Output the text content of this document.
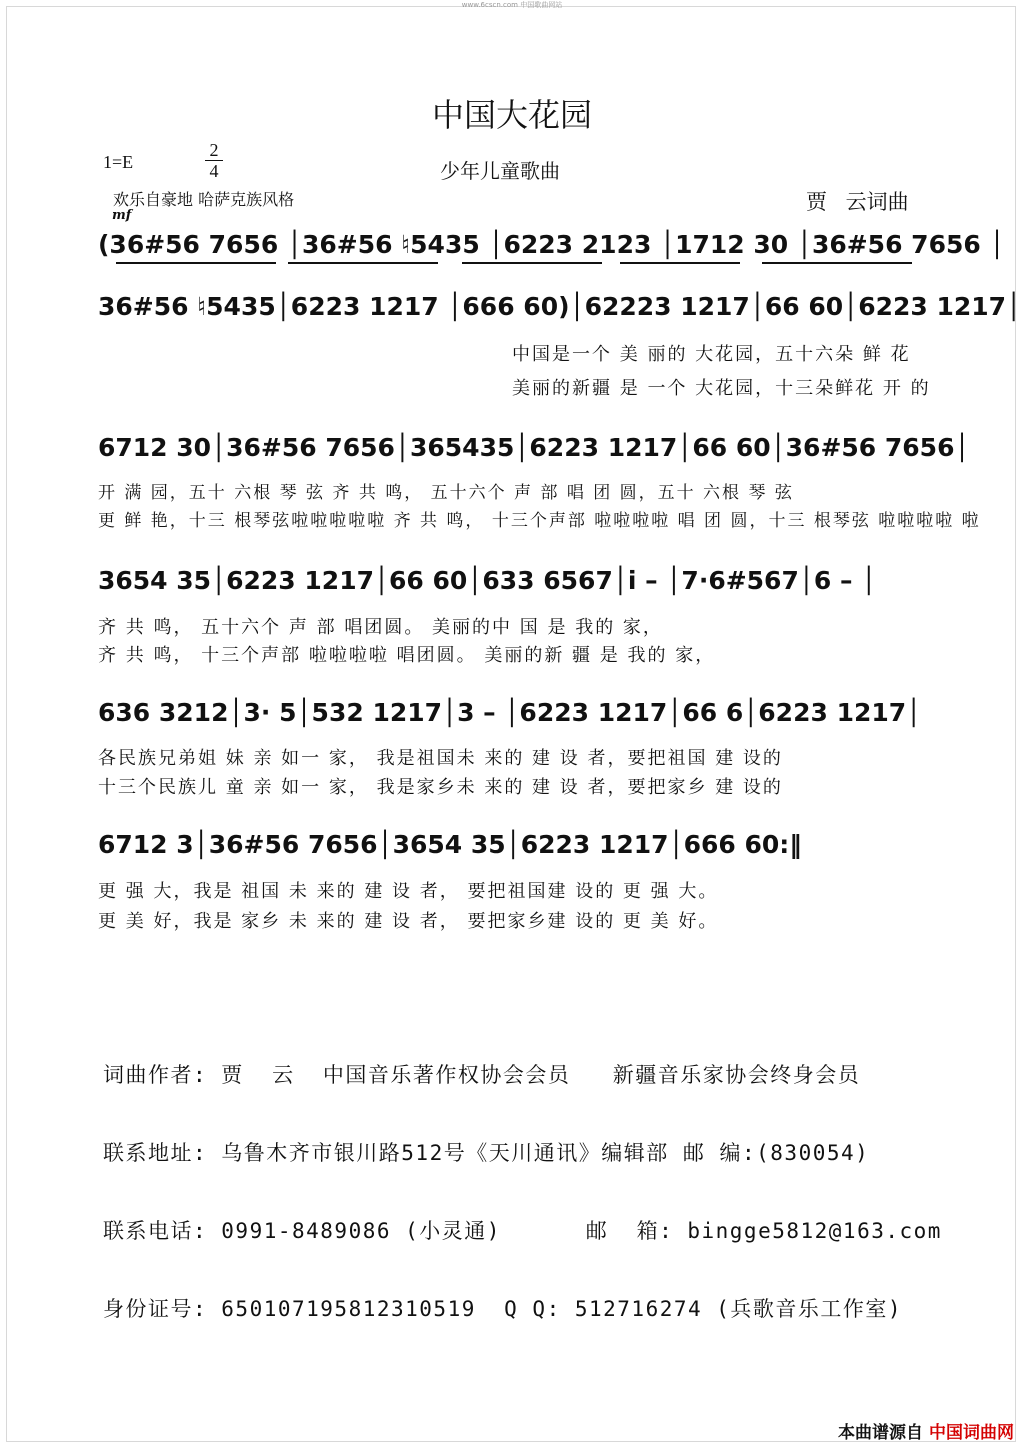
www.6cscn.com 中国歌曲网站
中国大花园
1=E
2
4	少年儿童歌曲
欢乐自豪地 哈萨克族风格	贾 云词曲
mf
(36#56 7656 │36#56 ♮5435 │6223 2123 │1712 30 │36#56 7656 │
36#56 ♮5435│6223 1217 │666 60)│62223 1217│66 60│6223 1217│
6712 30│36#56 7656│365435│6223 1217│66 60│36#56 7656│
3654 35│6223 1217│66 60│633 6567│i̇ – │7·6#567│6 – │
636 3212│3· 5│532 1217│3 – │6223 1217│66 6│6223 1217│
6712 3│36#56 7656│3654 35│6223 1217│666 60:‖
中国是一个 美 丽的 大花园，五十六朵 鲜 花
美丽的新疆 是 一个 大花园，十三朵鲜花 开 的
开 满 园，五十 六根 琴 弦 齐 共 鸣， 五十六个 声 部 唱 团 圆，五十 六根 琴 弦
更 鲜 艳，十三 根琴弦啦啦啦啦啦 齐 共 鸣， 十三个声部 啦啦啦啦 唱 团 圆，十三 根琴弦 啦啦啦啦 啦
齐 共 鸣， 五十六个 声 部 唱团圆。 美丽的中 国 是 我的 家，
齐 共 鸣， 十三个声部 啦啦啦啦 唱团圆。 美丽的新 疆 是 我的 家，
各民族兄弟姐 妹 亲 如一 家， 我是祖国未 来的 建 设 者，要把祖国 建 设的
十三个民族儿 童 亲 如一 家， 我是家乡未 来的 建 设 者，要把家乡 建 设的
更 强 大，我是 祖国 未 来的 建 设 者， 要把祖国建 设的 更 强 大。
更 美 好，我是 家乡 未 来的 建 设 者， 要把家乡建 设的 更 美 好。

词曲作者: 贾  云  中国音乐著作权协会会员   新疆音乐家协会终身会员

联系地址: 乌鲁木齐市银川路512号《天川通讯》编辑部 邮 编:(830054)

联系电话: 0991-8489086 (小灵通)      邮  箱: bingge5812@163.com

身份证号: 650107195812310519  Q Q: 512716274 (兵歌音乐工作室)

本曲谱源自 中国词曲网
